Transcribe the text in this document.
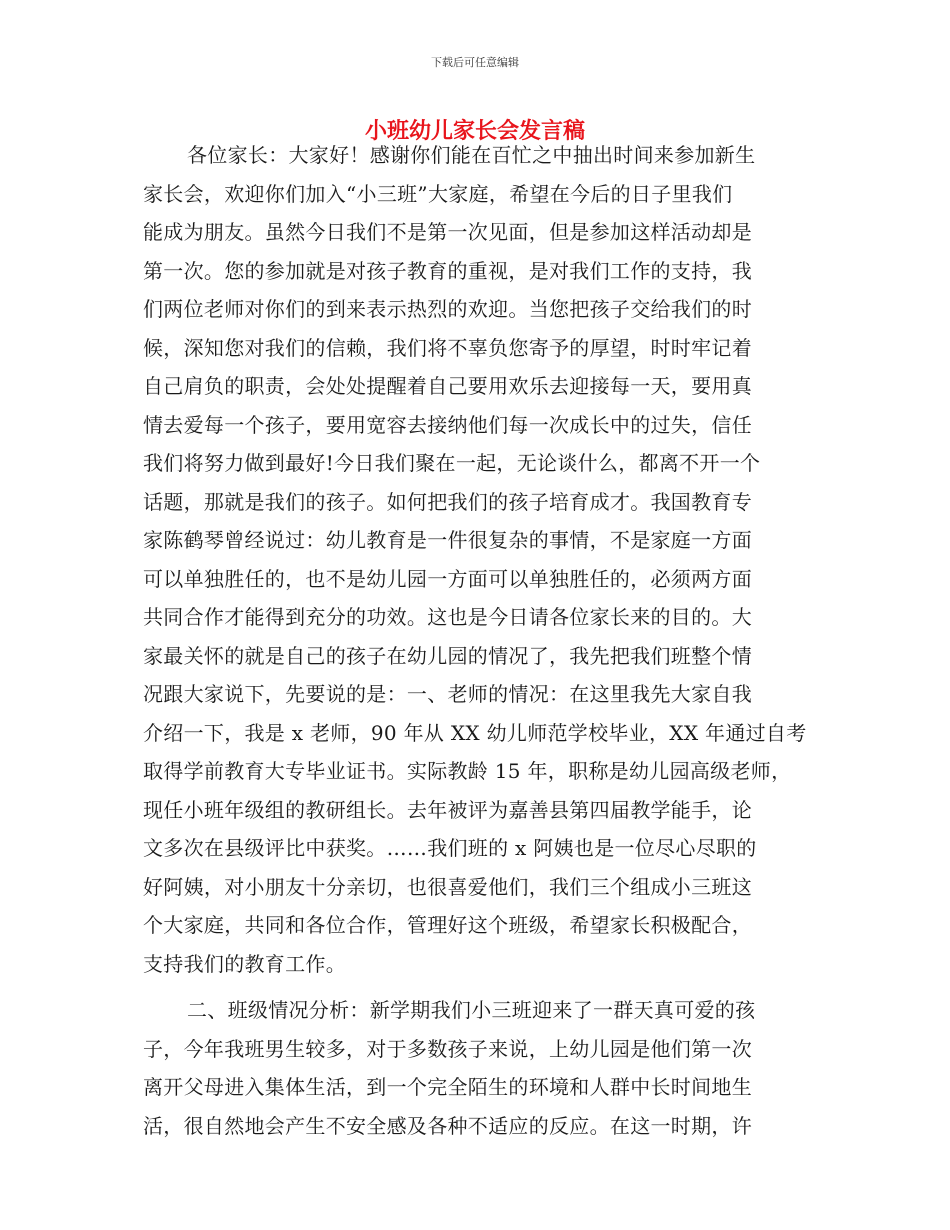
下载后可任意编辑
小班幼儿家长会发言稿
各位家长：大家好！感谢你们能在百忙之中抽出时间来参加新生
家长会，欢迎你们加入“小三班”大家庭，希望在今后的日子里我们
能成为朋友。虽然今日我们不是第一次见面，但是参加这样活动却是
第一次。您的参加就是对孩子教育的重视，是对我们工作的支持，我
们两位老师对你们的到来表示热烈的欢迎。当您把孩子交给我们的时
候，深知您对我们的信赖，我们将不辜负您寄予的厚望，时时牢记着
自己肩负的职责，会处处提醒着自己要用欢乐去迎接每一天，要用真
情去爱每一个孩子，要用宽容去接纳他们每一次成长中的过失，信任
我们将努力做到最好!今日我们聚在一起，无论谈什么，都离不开一个
话题，那就是我们的孩子。如何把我们的孩子培育成才。我国教育专
家陈鹤琴曾经说过：幼儿教育是一件很复杂的事情，不是家庭一方面
可以单独胜任的，也不是幼儿园一方面可以单独胜任的，必须两方面
共同合作才能得到充分的功效。这也是今日请各位家长来的目的。大
家最关怀的就是自己的孩子在幼儿园的情况了，我先把我们班整个情
况跟大家说下，先要说的是：一、老师的情况：在这里我先大家自我
介绍一下，我是 x 老师，90 年从 XX 幼儿师范学校毕业，XX 年通过自考
取得学前教育大专毕业证书。实际教龄 15 年，职称是幼儿园高级老师，
现任小班年级组的教研组长。去年被评为嘉善县第四届教学能手，论
文多次在县级评比中获奖。……我们班的 x 阿姨也是一位尽心尽职的
好阿姨，对小朋友十分亲切，也很喜爱他们，我们三个组成小三班这
个大家庭，共同和各位合作，管理好这个班级，希望家长积极配合，
支持我们的教育工作。
二、班级情况分析：新学期我们小三班迎来了一群天真可爱的孩
子，今年我班男生较多，对于多数孩子来说，上幼儿园是他们第一次
离开父母进入集体生活，到一个完全陌生的环境和人群中长时间地生
活，很自然地会产生不安全感及各种不适应的反应。在这一时期，许
